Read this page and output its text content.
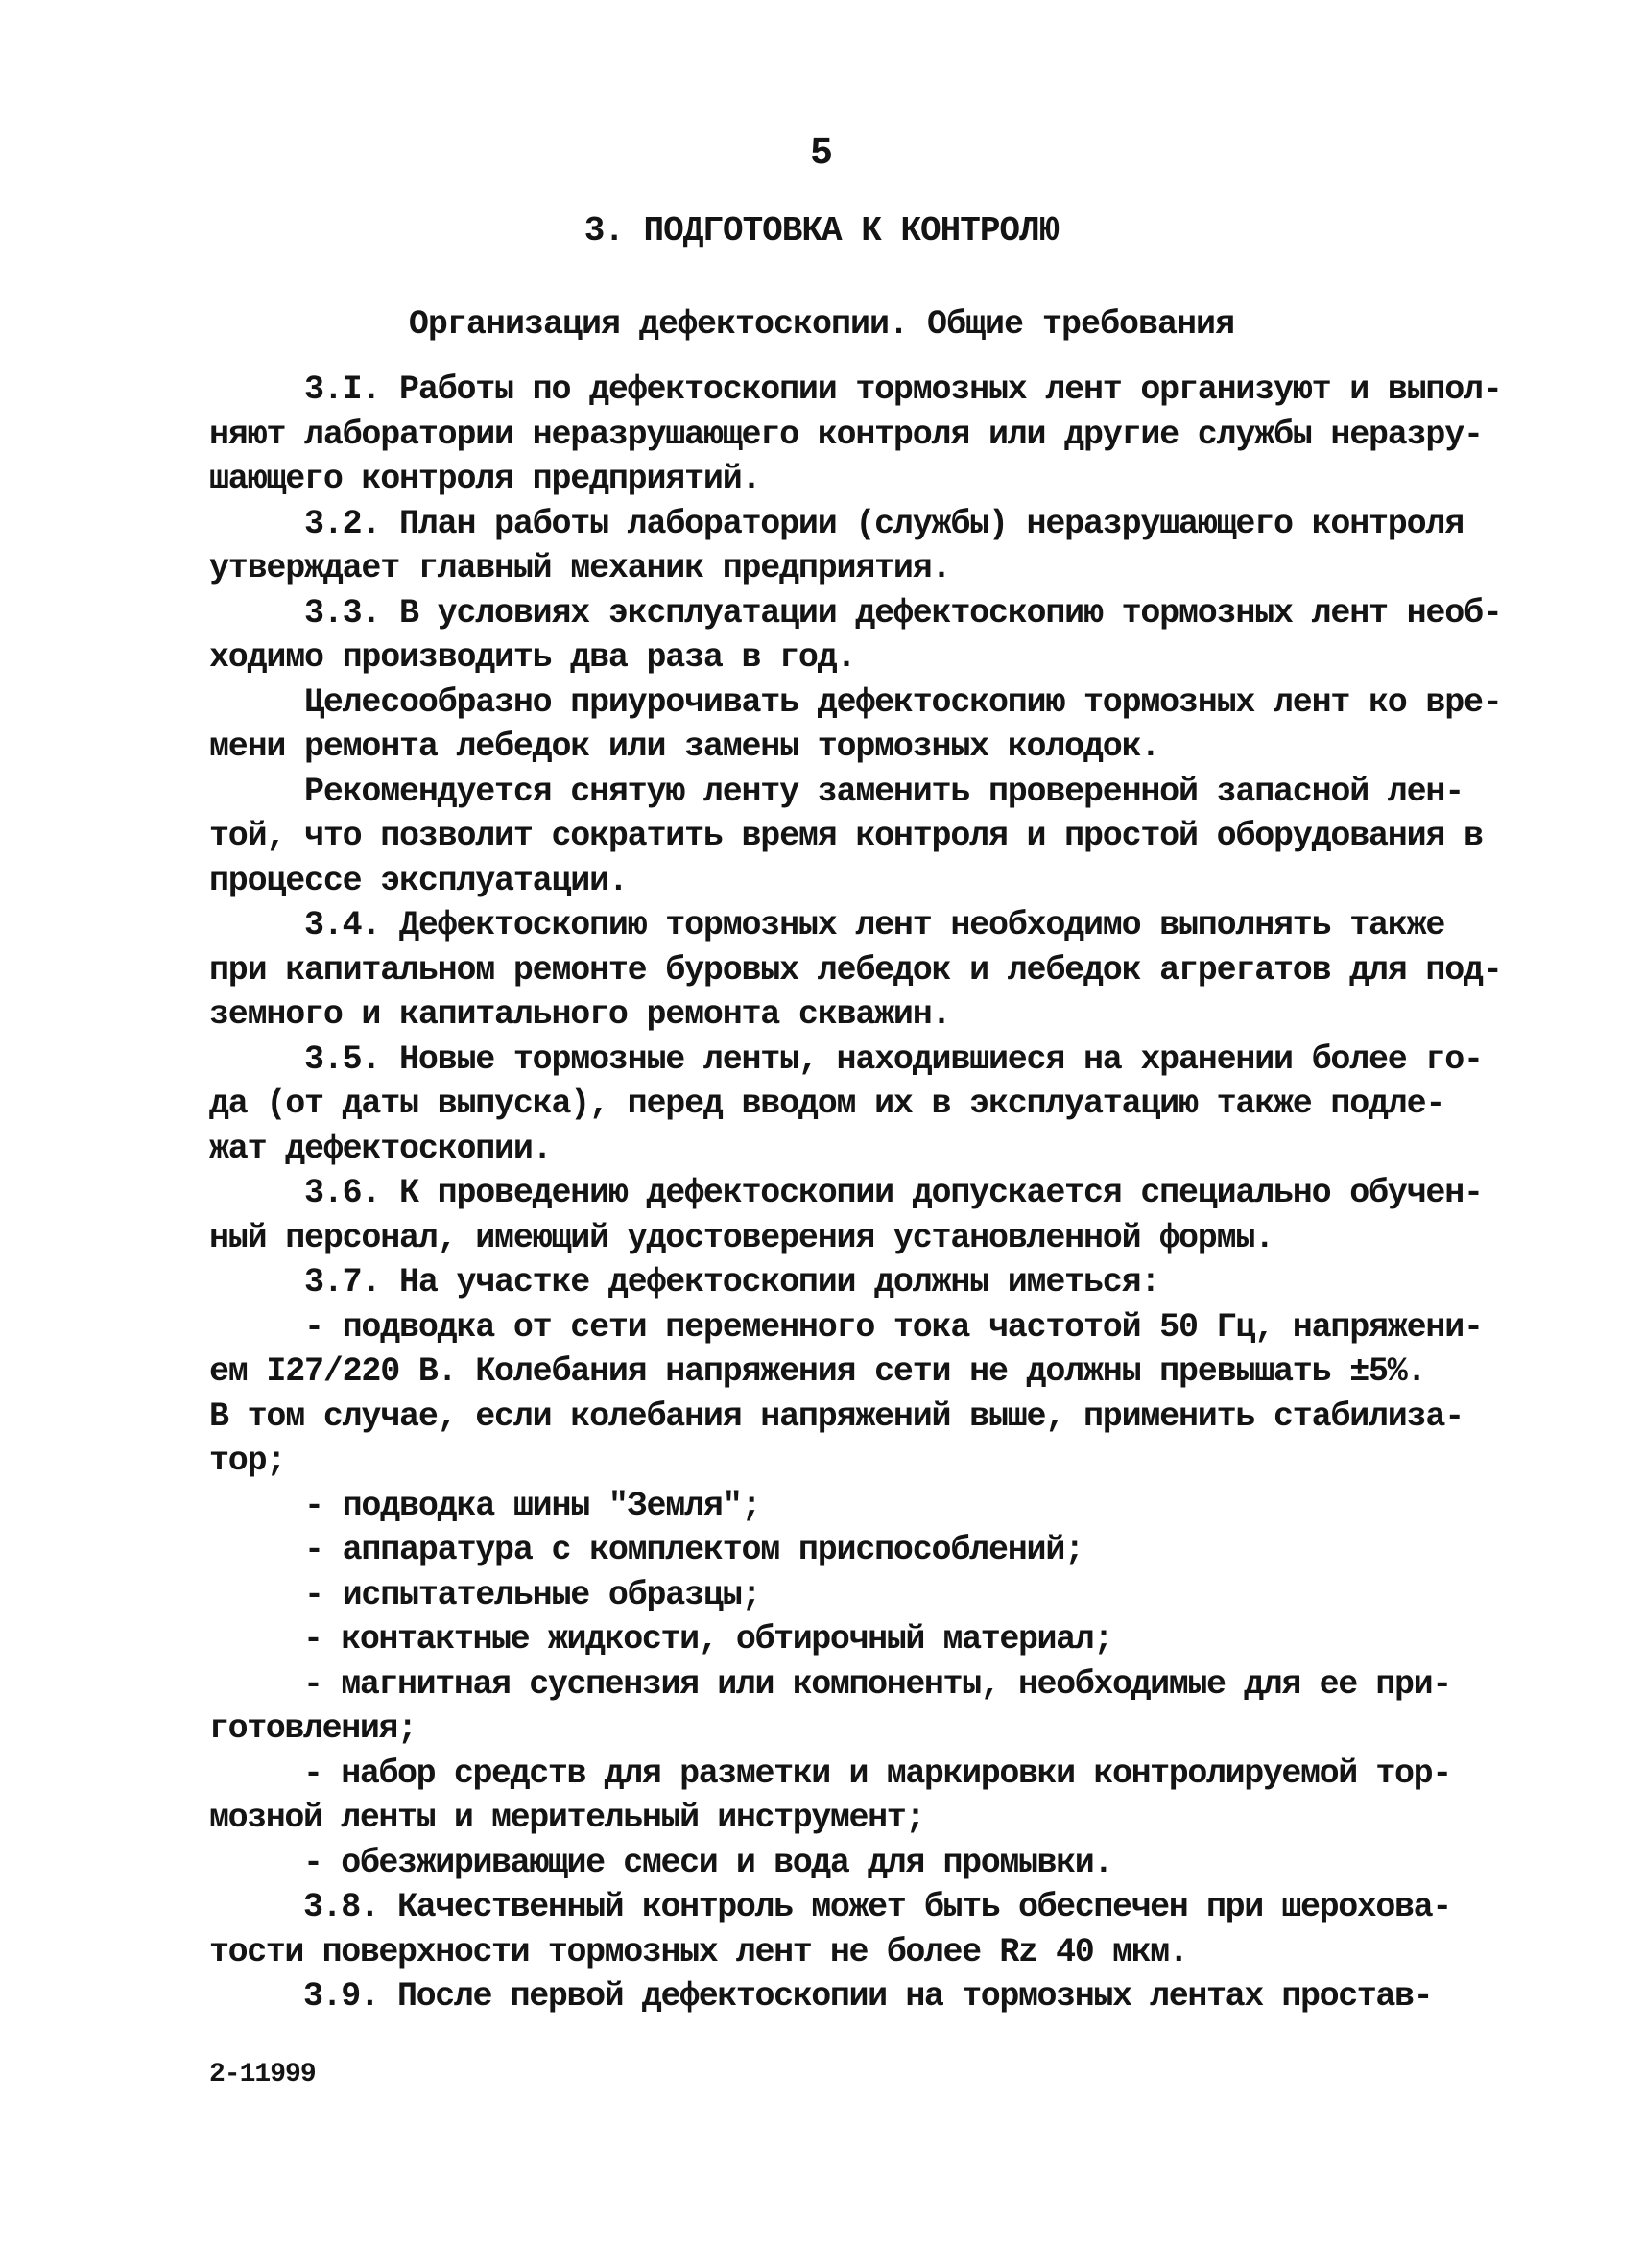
5
3. ПОДГОТОВКА К КОНТРОЛЮ
Организация дефектоскопии. Общие требования
3.I. Работы по дефектоскопии тормозных лент организуют и выпол-
няют лаборатории неразрушающего контроля или другие службы неразру-
шающего контроля предприятий.
3.2. План работы лаборатории (службы) неразрушающего контроля
утверждает главный механик предприятия.
3.3. В условиях эксплуатации дефектоскопию тормозных лент необ-
ходимо производить два раза в год.
Целесообразно приурочивать дефектоскопию тормозных лент ко вре-
мени ремонта лебедок или замены тормозных колодок.
Рекомендуется снятую ленту заменить проверенной запасной лен-
той, что позволит сократить время контроля и простой оборудования в
процессе эксплуатации.
3.4. Дефектоскопию тормозных лент необходимо выполнять также
при капитальном ремонте буровых лебедок и лебедок агрегатов для под-
земного и капитального ремонта скважин.
3.5. Новые тормозные ленты, находившиеся на хранении более го-
да (от даты выпуска), перед вводом их в эксплуатацию также подле-
жат дефектоскопии.
3.6. К проведению дефектоскопии допускается специально обучен-
ный персонал, имеющий удостоверения установленной формы.
3.7. На участке дефектоскопии должны иметься:
- подводка от сети переменного тока частотой 50 Гц, напряжени-
ем I27/220 В. Колебания напряжения сети не должны превышать ±5%.
В том случае, если колебания напряжений выше, применить стабилиза-
тор;
- подводка шины "Земля";
- аппаратура с комплектом приспособлений;
- испытательные образцы;
- контактные жидкости, обтирочный материал;
- магнитная суспензия или компоненты, необходимые для ее при-
готовления;
- набор средств для разметки и маркировки контролируемой тор-
мозной ленты и мерительный инструмент;
- обезжиривающие смеси и вода для промывки.
3.8. Качественный контроль может быть обеспечен при шерохова-
тости поверхности тормозных лент не более Rz 40 мкм.
3.9. После первой дефектоскопии на тормозных лентах простав-
2-11999
